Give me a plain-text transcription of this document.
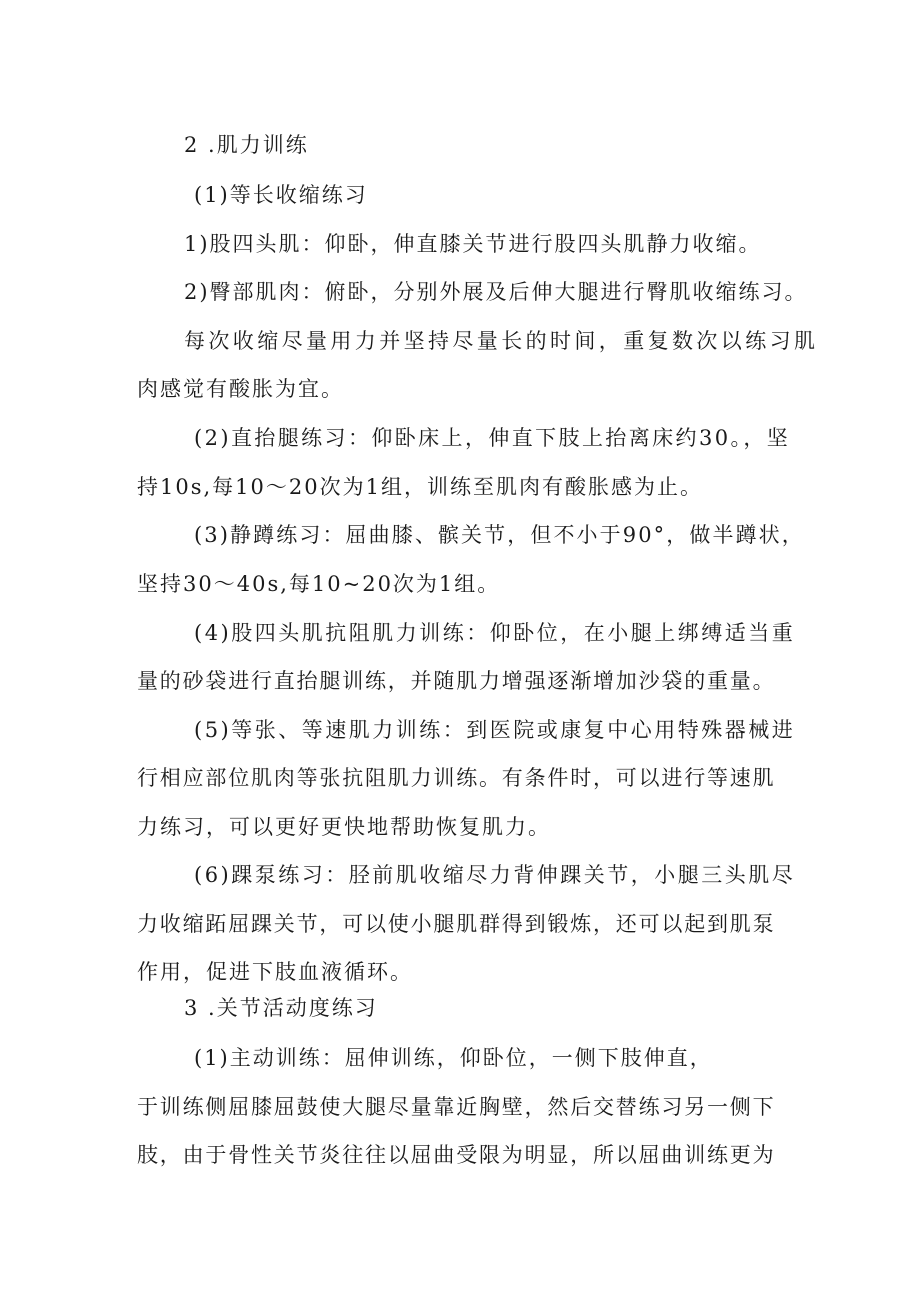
2 .肌力训练
(1)等长收缩练习
1)股四头肌：仰卧，伸直膝关节进行股四头肌静力收缩。
2)臀部肌肉：俯卧，分别外展及后伸大腿进行臀肌收缩练习。
每次收缩尽量用力并坚持尽量长的时间，重复数次以练习肌
肉感觉有酸胀为宜。
(2)直抬腿练习：仰卧床上，伸直下肢上抬离床约30。，坚
持10s,每10～20次为1组，训练至肌肉有酸胀感为止。
(3)静蹲练习：屈曲膝、髌关节，但不小于90°，做半蹲状，
坚持30～40s,每10~20次为1组。
(4)股四头肌抗阻肌力训练：仰卧位，在小腿上绑缚适当重
量的砂袋进行直抬腿训练，并随肌力增强逐渐增加沙袋的重量。
(5)等张、等速肌力训练：到医院或康复中心用特殊器械进
行相应部位肌肉等张抗阻肌力训练。有条件时，可以进行等速肌
力练习，可以更好更快地帮助恢复肌力。
(6)踝泵练习：胫前肌收缩尽力背伸踝关节，小腿三头肌尽
力收缩跖屈踝关节，可以使小腿肌群得到锻炼，还可以起到肌泵
作用，促进下肢血液循环。
3 .关节活动度练习
(1)主动训练：屈伸训练，仰卧位，一侧下肢伸直，
于训练侧屈膝屈鼓使大腿尽量靠近胸壁，然后交替练习另一侧下
肢，由于骨性关节炎往往以屈曲受限为明显，所以屈曲训练更为
